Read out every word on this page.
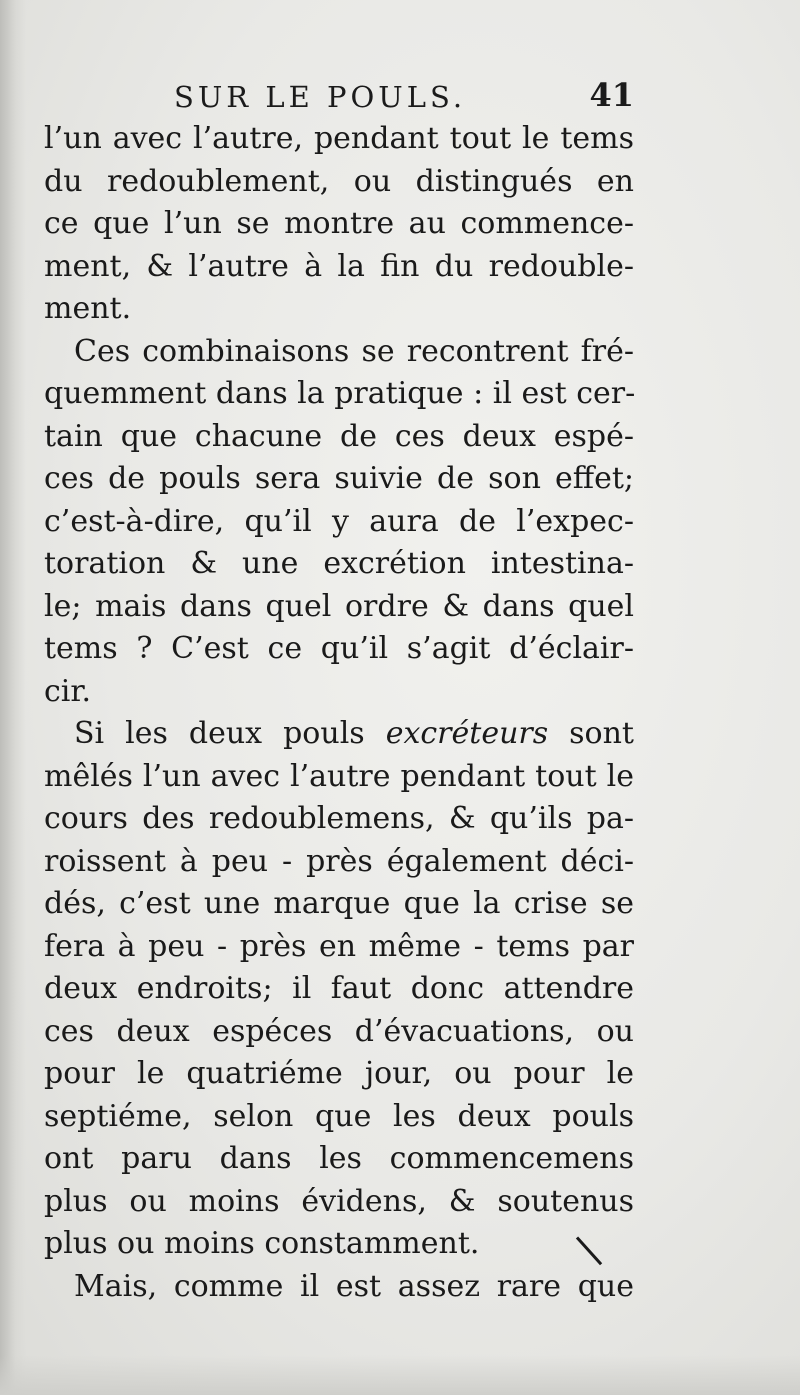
SUR LE POULS.	41
l’un avec l’autre, pendant tout le tems
du redoublement, ou distingués en
ce que l’un se montre au commence-
ment, & l’autre à la fin du redouble-
ment.
Ces combinaisons se recontrent fré-
quemment dans la pratique : il est cer-
tain que chacune de ces deux espé-
ces de pouls sera suivie de son effet;
c’est-à-dire, qu’il y aura de l’expec-
toration & une excrétion intestina-
le; mais dans quel ordre & dans quel
tems ? C’est ce qu’il s’agit d’éclair-
cir.
Si les deux pouls excréteurs sont
mêlés l’un avec l’autre pendant tout le
cours des redoublemens, & qu’ils pa-
roissent à peu - près également déci-
dés, c’est une marque que la crise se
fera à peu - près en même - tems par
deux endroits; il faut donc attendre
ces deux espéces d’évacuations, ou
pour le quatriéme jour, ou pour le
septiéme, selon que les deux pouls
ont paru dans les commencemens
plus ou moins évidens, & soutenus
plus ou moins constamment.
Mais, comme il est assez rare que
